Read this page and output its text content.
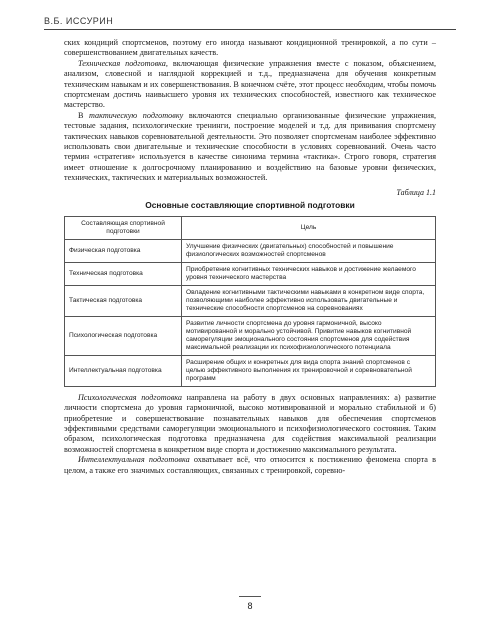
В.Б. ИССУРИН

ских кондиций спортсменов, поэтому его иногда называют кондиционной тренировкой, а по сути – совершенствованием двигательных качеств.

Техническая подготовка, включающая физические упражнения вместе с показом, объяснением, анализом, словесной и наглядной коррекцией и т.д., предназначена для обучения конкретным техническим навыкам и их совершенствования. В конечном счёте, этот процесс необходим, чтобы помочь спортсменам достичь наивысшего уровня их технических способностей, известного как техническое мастерство.

В тактическую подготовку включаются специально организованные физические упражнения, тестовые задания, психологические тренинги, построение моделей и т.д. для прививания спортсмену тактических навыков соревновательной деятельности. Это позволяет спортсменам наиболее эффективно использовать свои двигательные и технические способности в условиях соревнований. Очень часто термин «стратегия» используется в качестве синонима термина «тактика». Строго говоря, стратегия имеет отношение к долгосрочному планированию и воздействию на базовые уровни физических, технических, тактических и материальных возможностей.

Таблица 1.1
Основные составляющие спортивной подготовки
Составляющая спортивной подготовки	Цель
Физическая подготовка	Улучшение физических (двигательных) способностей и повышение физиологических возможностей спортсменов
Техническая подготовка	Приобретение когнитивных технических навыков и достижение желаемого уровня технического мастерства
Тактическая подготовка	Овладение когнитивными тактическими навыками в конкретном виде спорта, позволяющими наиболее эффективно использовать двигательные и технические способности спортсменов на соревнованиях
Психологическая подготовка	Развитие личности спортсмена до уровня гармоничной, высоко мотивированной и морально устойчивой. Привитие навыков когнитивной саморегуляции эмоционального состояния спортсменов для содействия максимальной реализации их психофизиологического потенциала
Интеллектуальная подготовка	Расширение общих и конкретных для вида спорта знаний спортсменов с целью эффективного выполнения их тренировочной и соревновательной программ

Психологическая подготовка направлена на работу в двух основных направлениях: а) развитие личности спортсмена до уровня гармоничной, высоко мотивированной и морально стабильной и б) приобретение и совершенствование познавательных навыков для обеспечения спортсменов эффективными средствами саморегуляции эмоционального и психофизиологического состояния. Таким образом, психологическая подготовка предназначена для содействия максимальной реализации возможностей спортсмена в конкретном виде спорта и достижению максимального результата.

Интеллектуальная подготовка охватывает всё, что относится к постижению феномена спорта в целом, а также его значимых составляющих, связанных с тренировкой, соревно-

8
